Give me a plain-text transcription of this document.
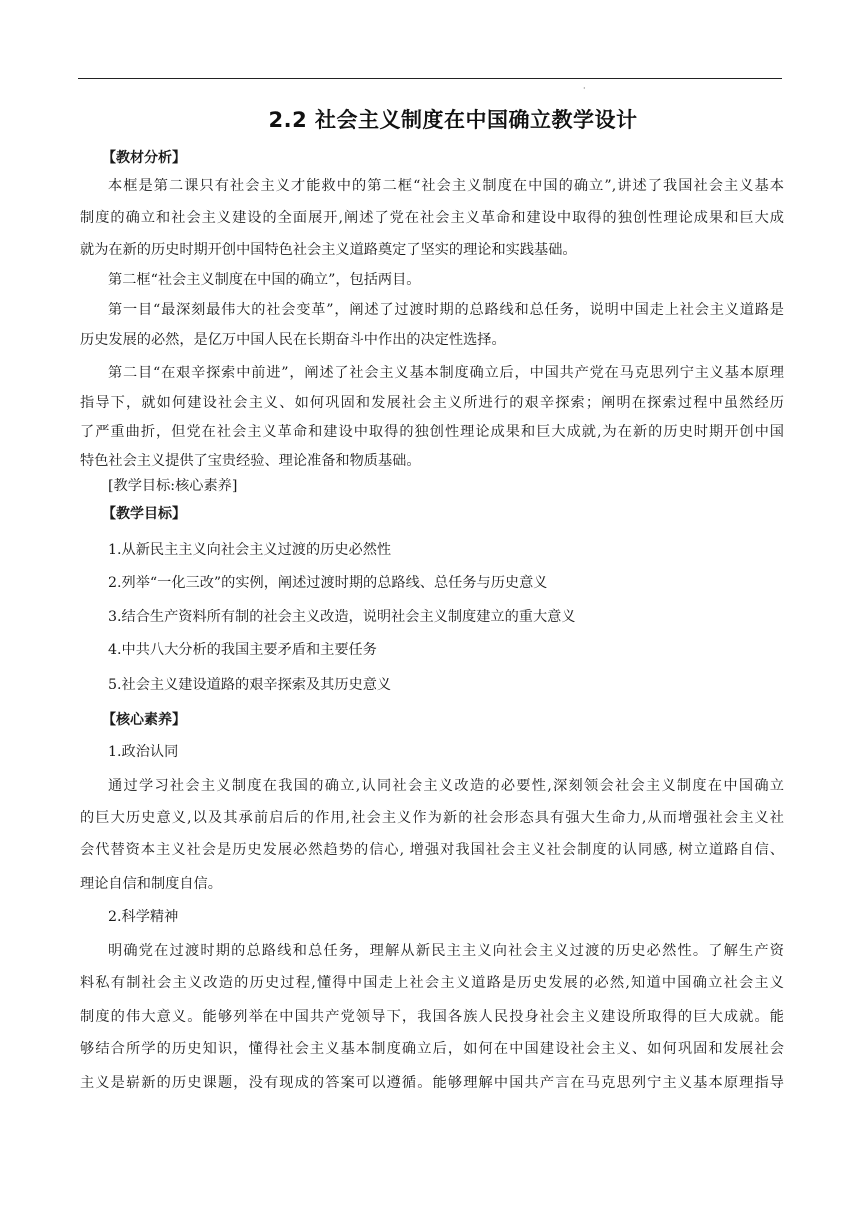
·
2.2 社会主义制度在中国确立教学设计
【教材分析】
本框是第二课只有社会主义才能救中的第二框“社会主义制度在中国的确立”,讲述了我国社会主义基本
制度的确立和社会主义建设的全面展开,阐述了党在社会主义革命和建设中取得的独创性理论成果和巨大成
就为在新的历史时期开创中国特色社会主义道路奠定了坚实的理论和实践基础。
第二框“社会主义制度在中国的确立”，包括两目。
第一目“最深刻最伟大的社会变革”，阐述了过渡时期的总路线和总任务，说明中国走上社会主义道路是
历史发展的必然，是亿万中国人民在长期奋斗中作出的决定性选择。
第二目“在艰辛探索中前进”，阐述了社会主义基本制度确立后，中国共产党在马克思列宁主义基本原理
指导下，就如何建设社会主义、如何巩固和发展社会主义所进行的艰辛探索；阐明在探索过程中虽然经历
了严重曲折，但党在社会主义革命和建设中取得的独创性理论成果和巨大成就,为在新的历史时期开创中国
特色社会主义提供了宝贵经验、理论准备和物质基础。
[教学目标:核心素养]
【教学目标】
1.从新民主主义向社会主义过渡的历史必然性
2.列举“一化三改”的实例，阐述过渡时期的总路线、总任务与历史意义
3.结合生产资料所有制的社会主义改造，说明社会主义制度建立的重大意义
4.中共八大分析的我国主要矛盾和主要任务
5.社会主义建设道路的艰辛探索及其历史意义
【核心素养】
1.政治认同
通过学习社会主义制度在我国的确立,认同社会主义改造的必要性,深刻领会社会主义制度在中国确立
的巨大历史意义,以及其承前启后的作用,社会主义作为新的社会形态具有强大生命力,从而增强社会主义社
会代替资本主义社会是历史发展必然趋势的信心, 增强对我国社会主义社会制度的认同感, 树立道路自信、
理论自信和制度自信。
2.科学精神
明确党在过渡时期的总路线和总任务，理解从新民主主义向社会主义过渡的历史必然性。了解生产资
料私有制社会主义改造的历史过程,懂得中国走上社会主义道路是历史发展的必然,知道中国确立社会主义
制度的伟大意义。能够列举在中国共产党领导下，我国各族人民投身社会主义建设所取得的巨大成就。能
够结合所学的历史知识，懂得社会主义基本制度确立后，如何在中国建设社会主义、如何巩固和发展社会
主义是崭新的历史课题，没有现成的答案可以遵循。能够理解中国共产言在马克思列宁主义基本原理指导
